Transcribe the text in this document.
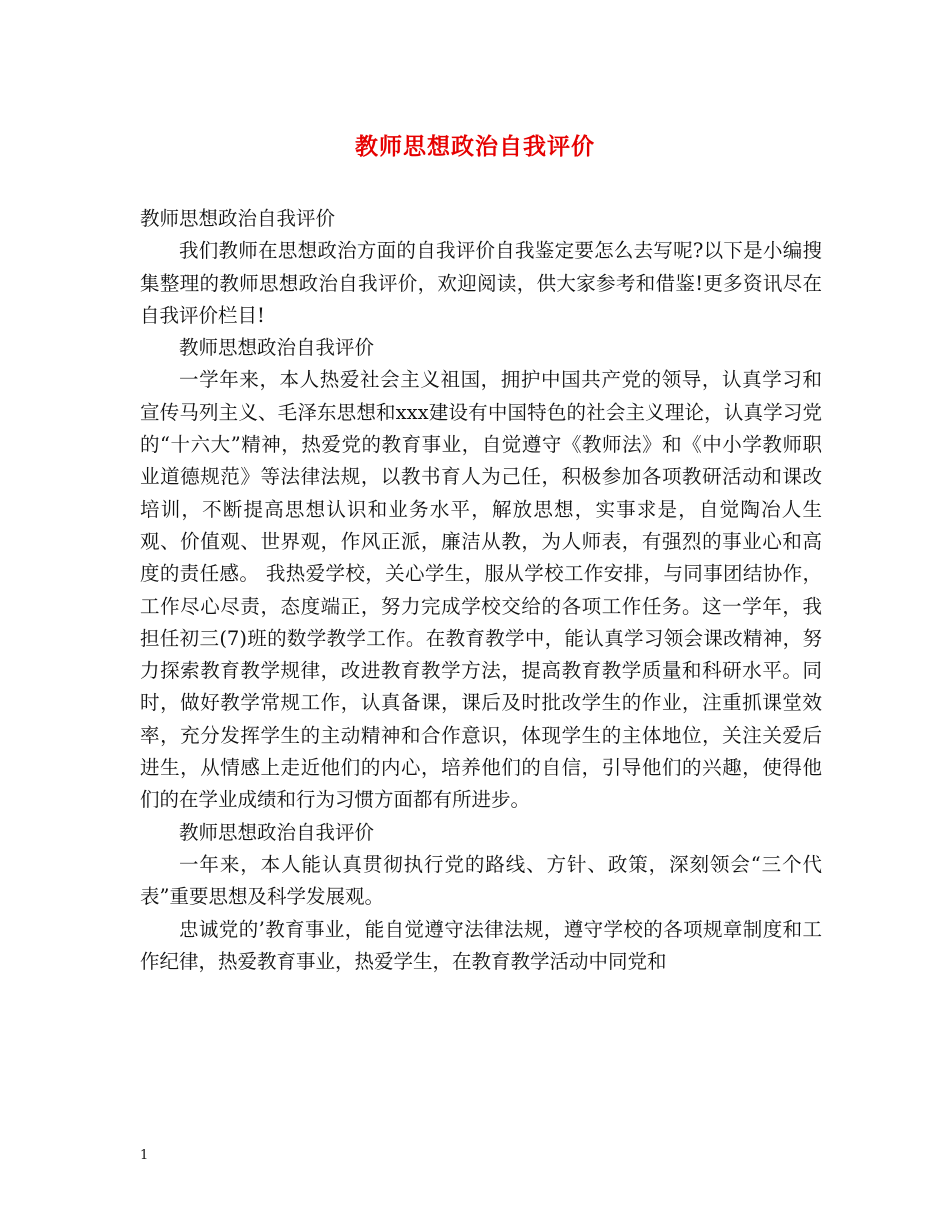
教师思想政治自我评价

教师思想政治自我评价

我们教师在思想政治方面的自我评价自我鉴定要怎么去写呢?以下是小编搜集整理的教师思想政治自我评价，欢迎阅读，供大家参考和借鉴!更多资讯尽在自我评价栏目!

教师思想政治自我评价

一学年来，本人热爱社会主义祖国，拥护中国共产党的领导，认真学习和宣传马列主义、毛泽东思想和xxx建设有中国特色的社会主义理论，认真学习党的“十六大”精神，热爱党的教育事业，自觉遵守《教师法》和《中小学教师职业道德规范》等法律法规，以教书育人为己任，积极参加各项教研活动和课改培训，不断提高思想认识和业务水平，解放思想，实事求是，自觉陶冶人生观、价值观、世界观，作风正派，廉洁从教，为人师表，有强烈的事业心和高度的责任感。 我热爱学校，关心学生，服从学校工作安排，与同事团结协作，工作尽心尽责，态度端正，努力完成学校交给的各项工作任务。这一学年，我担任初三(7)班的数学教学工作。在教育教学中，能认真学习领会课改精神，努力探索教育教学规律，改进教育教学方法，提高教育教学质量和科研水平。同时，做好教学常规工作，认真备课，课后及时批改学生的作业，注重抓课堂效率，充分发挥学生的主动精神和合作意识，体现学生的主体地位，关注关爱后进生，从情感上走近他们的内心，培养他们的自信，引导他们的兴趣，使得他们的在学业成绩和行为习惯方面都有所进步。

教师思想政治自我评价

一年来，本人能认真贯彻执行党的路线、方针、政策，深刻领会“三个代表”重要思想及科学发展观。

忠诚党的’教育事业，能自觉遵守法律法规，遵守学校的各项规章制度和工作纪律，热爱教育事业，热爱学生，在教育教学活动中同党和

1
